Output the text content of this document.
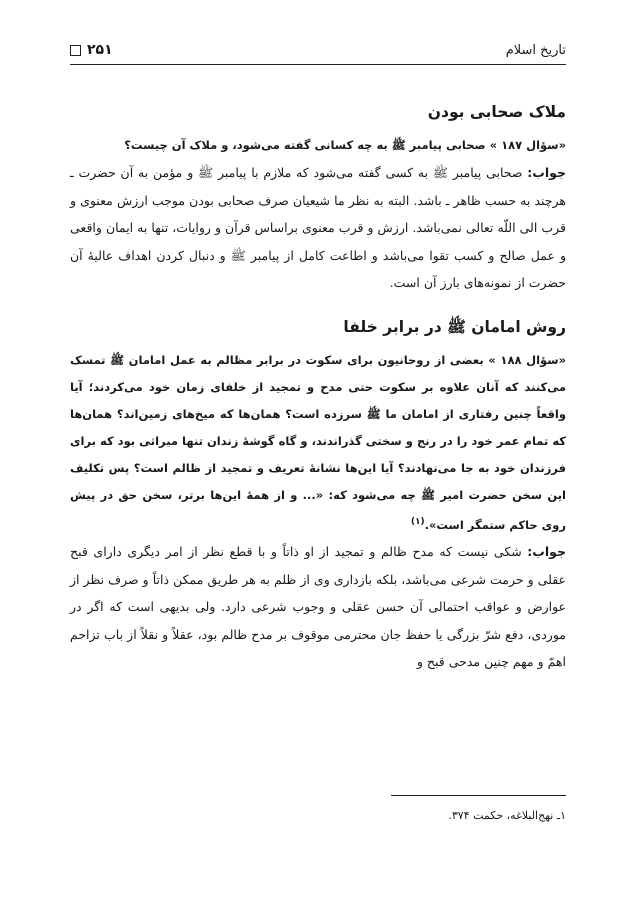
تاریخ اسلام
۲۵۱
ملاک صحابی بودن

«سؤال ۱۸۷ » صحابی پیامبر ﷺ به چه کسانی گفته می‌شود، و ملاک آن چیست؟

جواب: صحابی پیامبر ﷺ به کسی گفته می‌شود که ملازم با پیامبر ﷺ و مؤمن به آن حضرت ـ هرچند به حسب ظاهر ـ باشد. البته به نظر ما شیعیان صرف صحابی بودن موجب ارزش معنوی و قرب الی اللّه تعالی نمی‌باشد. ارزش و قرب معنوی براساس قرآن و روایات، تنها به ایمان واقعی و عمل صالح و کسب تقوا می‌باشد و اطاعت کامل از پیامبر ﷺ و دنبال کردن اهداف عالیهٔ آن حضرت از نمونه‌های بارز آن است.

روش امامان ﷺ در برابر خلفا

«سؤال ۱۸۸ » بعضی از روحانیون برای سکوت در برابر مظالم به عمل امامان ﷺ تمسک می‌کنند که آنان علاوه بر سکوت حتی مدح و تمجید از خلفای زمان خود می‌کردند؛ آیا واقعاً چنین رفتاری از امامان ما ﷺ سرزده است؟ همان‌ها که میخ‌های زمین‌اند؟ همان‌ها که تمام عمر خود را در رنج و سختی گذراندند، و گاه گوشهٔ زندان تنها میراثی بود که برای فرزندان خود به جا می‌نهادند؟ آیا این‌ها نشانهٔ تعریف و تمجید از ظالم است؟ پس تکلیف این سخن حضرت امیر ﷺ چه می‌شود که: «... و از همهٔ این‌ها برتر، سخن حق در پیش روی حاکم ستمگر است».$^{(۱)}$

جواب: شکی نیست که مدح ظالم و تمجید از او ذاتاً و با قطع نظر از امر دیگری دارای قبح عقلی و حرمت شرعی می‌باشد، بلکه بازداری وی از ظلم به هر طریق ممکن ذاتاً و صرف نظر از عوارض و عواقب احتمالی آن حسن عقلی و وجوب شرعی دارد. ولی بدیهی است که اگر در موردی، دفع شرّ بزرگی یا حفظ جان محترمی موقوف بر مدح ظالم بود، عقلاً و نقلاً از باب تزاحم اهمّ و مهم چنین مدحی قبح و

۱ـ نهج‌البلاغه، حکمت ۳۷۴.
